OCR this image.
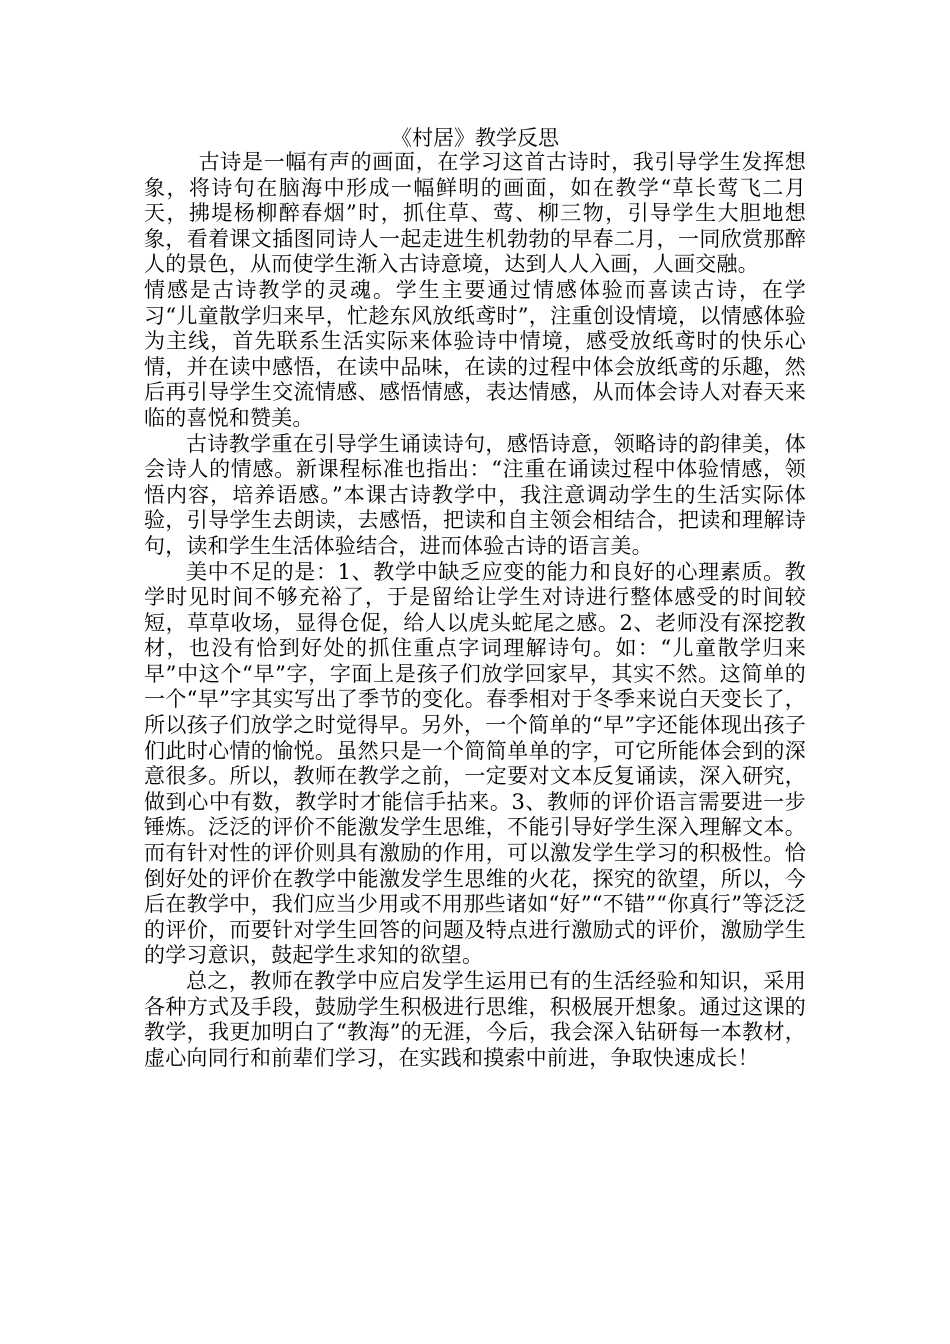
《村居》教学反思

古诗是一幅有声的画面，在学习这首古诗时，我引导学生发挥想象，将诗句在脑海中形成一幅鲜明的画面，如在教学“草长莺飞二月天，拂堤杨柳醉春烟”时，抓住草、莺、柳三物，引导学生大胆地想象，看着课文插图同诗人一起走进生机勃勃的早春二月，一同欣赏那醉人的景色，从而使学生渐入古诗意境，达到人人入画，人画交融。

情感是古诗教学的灵魂。学生主要通过情感体验而喜读古诗，在学习“儿童散学归来早，忙趁东风放纸鸢时”，注重创设情境，以情感体验为主线，首先联系生活实际来体验诗中情境，感受放纸鸢时的快乐心情，并在读中感悟，在读中品味，在读的过程中体会放纸鸢的乐趣，然后再引导学生交流情感、感悟情感，表达情感，从而体会诗人对春天来临的喜悦和赞美。

古诗教学重在引导学生诵读诗句，感悟诗意，领略诗的韵律美，体会诗人的情感。新课程标准也指出：“注重在诵读过程中体验情感，领悟内容，培养语感。”本课古诗教学中，我注意调动学生的生活实际体验，引导学生去朗读，去感悟，把读和自主领会相结合，把读和理解诗句，读和学生生活体验结合，进而体验古诗的语言美。

美中不足的是：1、教学中缺乏应变的能力和良好的心理素质。教学时见时间不够充裕了，于是留给让学生对诗进行整体感受的时间较短，草草收场，显得仓促，给人以虎头蛇尾之感。2、老师没有深挖教材，也没有恰到好处的抓住重点字词理解诗句。如：“儿童散学归来早”中这个“早”字，字面上是孩子们放学回家早，其实不然。这简单的一个“早”字其实写出了季节的变化。春季相对于冬季来说白天变长了，所以孩子们放学之时觉得早。另外，一个简单的“早”字还能体现出孩子们此时心情的愉悦。虽然只是一个简简单单的字，可它所能体会到的深意很多。所以，教师在教学之前，一定要对文本反复诵读，深入研究，做到心中有数，教学时才能信手拈来。3、教师的评价语言需要进一步锤炼。泛泛的评价不能激发学生思维，不能引导好学生深入理解文本。而有针对性的评价则具有激励的作用，可以激发学生学习的积极性。恰倒好处的评价在教学中能激发学生思维的火花，探究的欲望，所以，今后在教学中，我们应当少用或不用那些诸如“好”“不错”“你真行”等泛泛的评价，而要针对学生回答的问题及特点进行激励式的评价，激励学生的学习意识，鼓起学生求知的欲望。

总之，教师在教学中应启发学生运用已有的生活经验和知识，采用各种方式及手段，鼓励学生积极进行思维，积极展开想象。通过这课的教学，我更加明白了“教海”的无涯，今后，我会深入钻研每一本教材，虚心向同行和前辈们学习，在实践和摸索中前进，争取快速成长！
